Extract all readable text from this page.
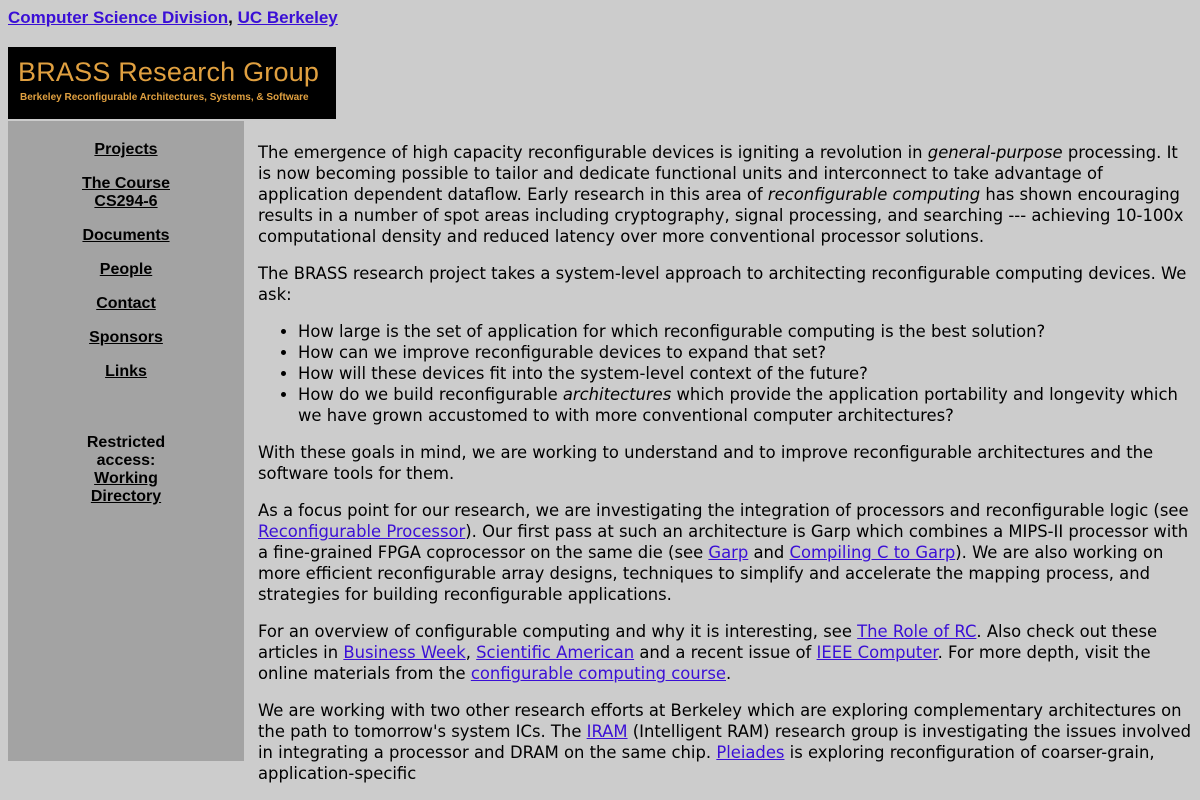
Computer Science Division, UC Berkeley
BRASS Research Group
Berkeley Reconfigurable Architectures, Systems, & Software
Projects
The Course
CS294-6
Documents
People
Contact
Sponsors
Links
Restricted
access:
Working
Directory

The emergence of high capacity reconfigurable devices is igniting a revolution in general-purpose processing. It is now becoming possible to tailor and dedicate functional units and interconnect to take advantage of application dependent dataflow. Early research in this area of reconfigurable computing has shown encouraging results in a number of spot areas including cryptography, signal processing, and searching --- achieving 10-100x computational density and reduced latency over more conventional processor solutions.

The BRASS research project takes a system-level approach to architecting reconfigurable computing devices. We ask:

• How large is the set of application for which reconfigurable computing is the best solution?
• How can we improve reconfigurable devices to expand that set?
• How will these devices fit into the system-level context of the future?
• How do we build reconfigurable architectures which provide the application portability and longevity which we have grown accustomed to with more conventional computer architectures?

With these goals in mind, we are working to understand and to improve reconfigurable architectures and the software tools for them.

As a focus point for our research, we are investigating the integration of processors and reconfigurable logic (see Reconfigurable Processor). Our first pass at such an architecture is Garp which combines a MIPS-II processor with a fine-grained FPGA coprocessor on the same die (see Garp and Compiling C to Garp). We are also working on more efficient reconfigurable array designs, techniques to simplify and accelerate the mapping process, and strategies for building reconfigurable applications.

For an overview of configurable computing and why it is interesting, see The Role of RC. Also check out these articles in Business Week, Scientific American and a recent issue of IEEE Computer. For more depth, visit the online materials from the configurable computing course.

We are working with two other research efforts at Berkeley which are exploring complementary architectures on the path to tomorrow's system ICs. The IRAM (Intelligent RAM) research group is investigating the issues involved in integrating a processor and DRAM on the same chip. Pleiades is exploring reconfiguration of coarser-grain, application-specific
